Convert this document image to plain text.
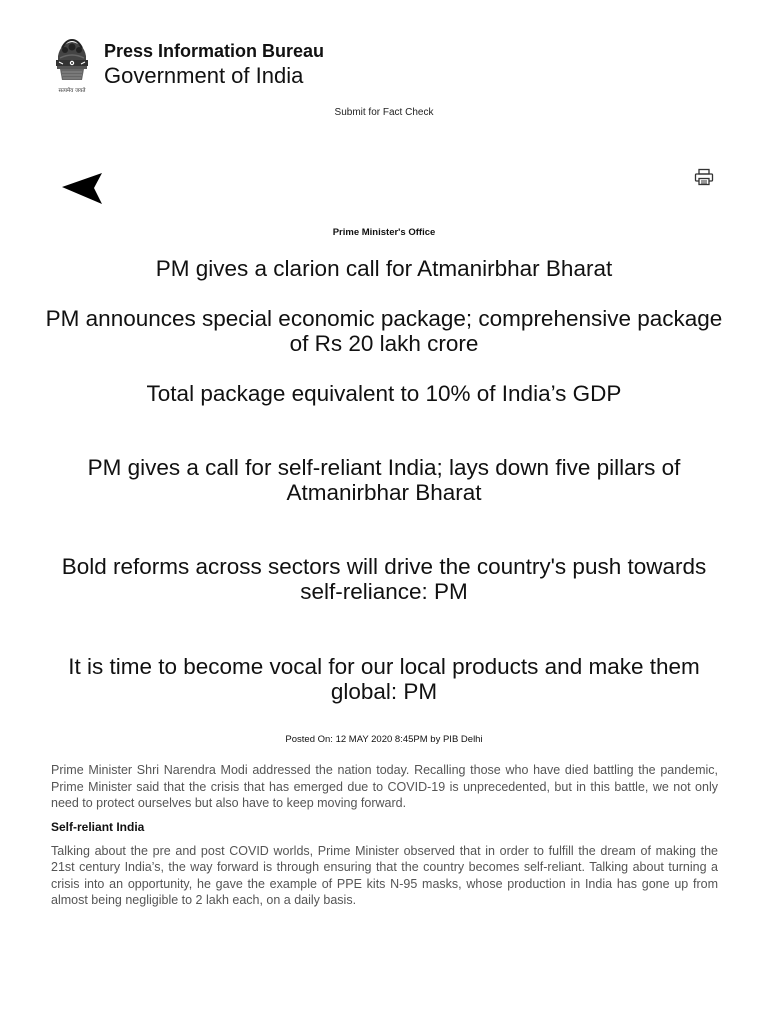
सत्यमेव जयते
Press Information Bureau
Government of India
Submit for Fact Check
Prime Minister's Office
PM gives a clarion call for Atmanirbhar Bharat
PM announces special economic package; comprehensive package of Rs 20 lakh crore
Total package equivalent to 10% of India’s GDP
PM gives a call for self-reliant India; lays down five pillars of Atmanirbhar Bharat
Bold reforms across sectors will drive the country's push towards self-reliance: PM
It is time to become vocal for our local products and make them global: PM
Posted On: 12 MAY 2020 8:45PM by PIB Delhi

Prime Minister Shri Narendra Modi addressed the nation today. Recalling those who have died battling the pandemic, Prime Minister said that the crisis that has emerged due to COVID-19 is unprecedented, but in this battle, we not only need to protect ourselves but also have to keep moving forward.

Self-reliant India

Talking about the pre and post COVID worlds, Prime Minister observed that in order to fulfill the dream of making the 21st century India’s, the way forward is through ensuring that the country becomes self-reliant. Talking about turning a crisis into an opportunity, he gave the example of PPE kits N-95 masks, whose production in India has gone up from almost being negligible to 2 lakh each, on a daily basis.
